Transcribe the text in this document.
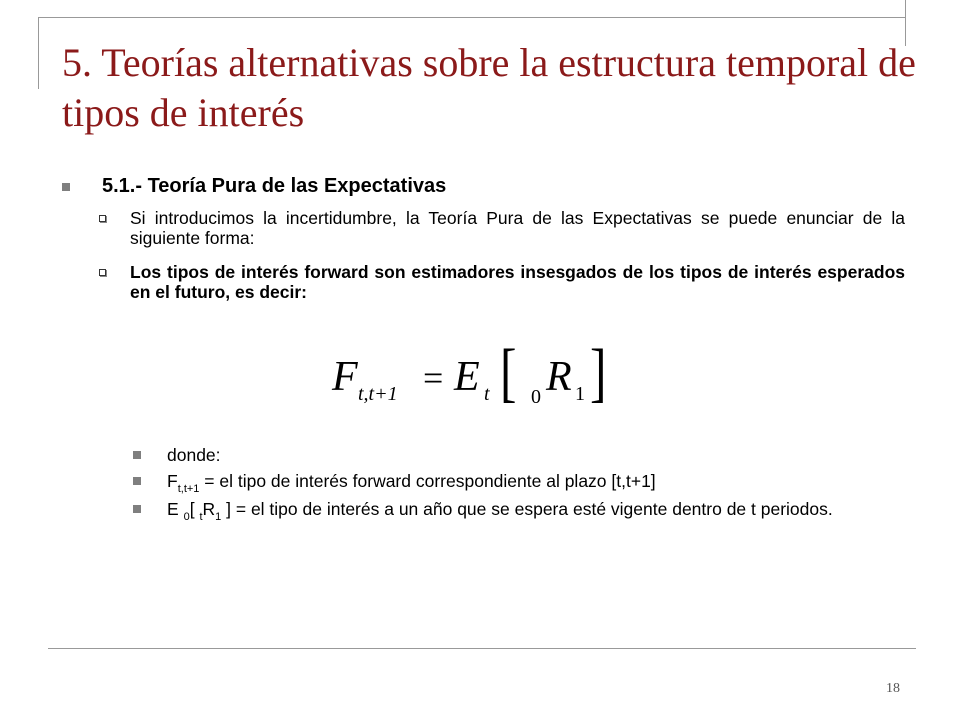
5. Teorías alternativas sobre la estructura temporal de tipos de interés
5.1.- Teoría Pura de las Expectativas
Si introducimos la incertidumbre, la Teoría Pura de las Expectativas se puede enunciar de la siguiente forma:
Los tipos de interés forward son estimadores insesgados de los tipos de interés esperados en el futuro, es decir:
F t,t+1 = E t [ 0 R 1 ]
donde:
$F_{t,t+1}$ = el tipo de interés forward correspondiente al plazo [t,t+1]
E $_0$[ $_tR_1$ ] = el tipo de interés a un año que se espera esté vigente dentro de t periodos.
18
